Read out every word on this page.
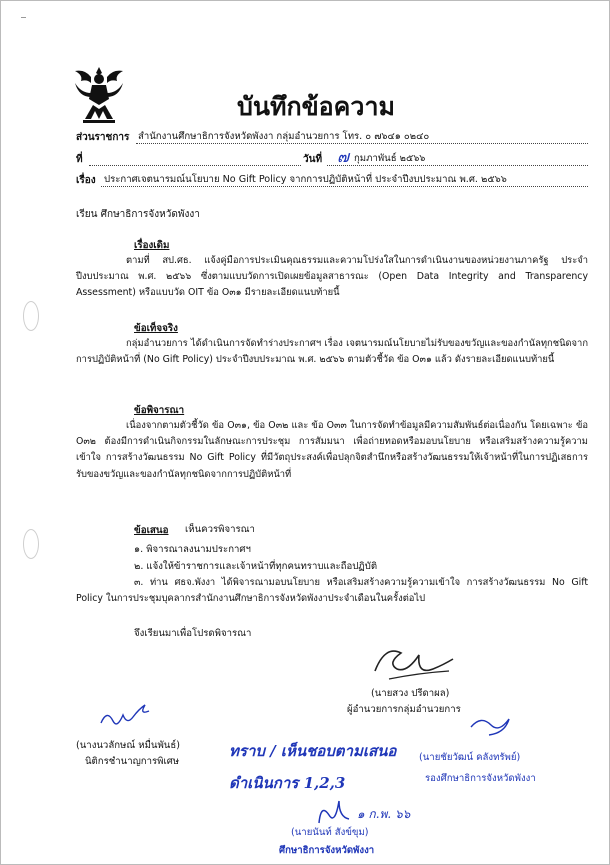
บันทึกข้อความ
ส่วนราชการ สำนักงานศึกษาธิการจังหวัดพังงา กลุ่มอำนวยการ โทร. ๐ ๗๖๔๑ ๐๒๔๐
ที่	วันที่ ๗ กุมภาพันธ์ ๒๕๖๖
เรื่อง ประกาศเจตนารมณ์นโยบาย No Gift Policy จากการปฏิบัติหน้าที่ ประจำปีงบประมาณ พ.ศ. ๒๕๖๖
เรียน ศึกษาธิการจังหวัดพังงา
เรื่องเดิม
ตามที่ สป.ศธ. แจ้งคู่มือการประเมินคุณธรรมและความโปร่งใสในการดำเนินงานของหน่วยงานภาครัฐ ประจำปีงบประมาณ พ.ศ. ๒๕๖๖ ซึ่งตามแบบวัดการเปิดเผยข้อมูลสาธารณะ (Open Data Integrity and Transparency Assessment) หรือแบบวัด OIT ข้อ O๓๑ มีรายละเอียดแนบท้ายนี้
ข้อเท็จจริง
กลุ่มอำนวยการ ได้ดำเนินการจัดทำร่างประกาศฯ เรื่อง เจตนารมณ์นโยบายไม่รับของขวัญและของกำนัลทุกชนิดจากการปฏิบัติหน้าที่ (No Gift Policy) ประจำปีงบประมาณ พ.ศ. ๒๕๖๖ ตามตัวชี้วัด ข้อ O๓๑ แล้ว ดังรายละเอียดแนบท้ายนี้
ข้อพิจารณา
เนื่องจากตามตัวชี้วัด ข้อ O๓๑, ข้อ O๓๒ และ ข้อ O๓๓ ในการจัดทำข้อมูลมีความสัมพันธ์ต่อเนื่องกัน โดยเฉพาะ ข้อ O๓๒ ต้องมีการดำเนินกิจกรรมในลักษณะการประชุม การสัมมนา เพื่อถ่ายทอดหรือมอบนโยบาย หรือเสริมสร้างความรู้ความเข้าใจ การสร้างวัฒนธรรม No Gift Policy ที่มีวัตถุประสงค์เพื่อปลุกจิตสำนึกหรือสร้างวัฒนธรรมให้เจ้าหน้าที่ในการปฏิเสธการรับของขวัญและของกำนัลทุกชนิดจากการปฏิบัติหน้าที่
ข้อเสนอ เห็นควรพิจารณา
๑. พิจารณาลงนามประกาศฯ
๒. แจ้งให้ข้าราชการและเจ้าหน้าที่ทุกคนทราบและถือปฏิบัติ
๓. ท่าน ศธจ.พังงา ได้พิจารณามอบนโยบาย หรือเสริมสร้างความรู้ความเข้าใจ การสร้างวัฒนธรรม No Gift Policy ในการประชุมบุคลากรสำนักงานศึกษาธิการจังหวัดพังงาประจำเดือนในครั้งต่อไป
จึงเรียนมาเพื่อโปรดพิจารณา
(นายสวง ปรีดาผล)
ผู้อำนวยการกลุ่มอำนวยการ
(นางนวลักษณ์ หมื่นพันธ์)
นิติกรชำนาญการพิเศษ
ทราบ / เห็นชอบตามเสนอ
ดำเนินการ 1,2,3
(นายชัยวัฒน์ คลังทรัพย์)
รองศึกษาธิการจังหวัดพังงา
๑ ก.พ. ๖๖
(นายนันท์ สังข์ขุม)
ศึกษาธิการจังหวัดพังงา
